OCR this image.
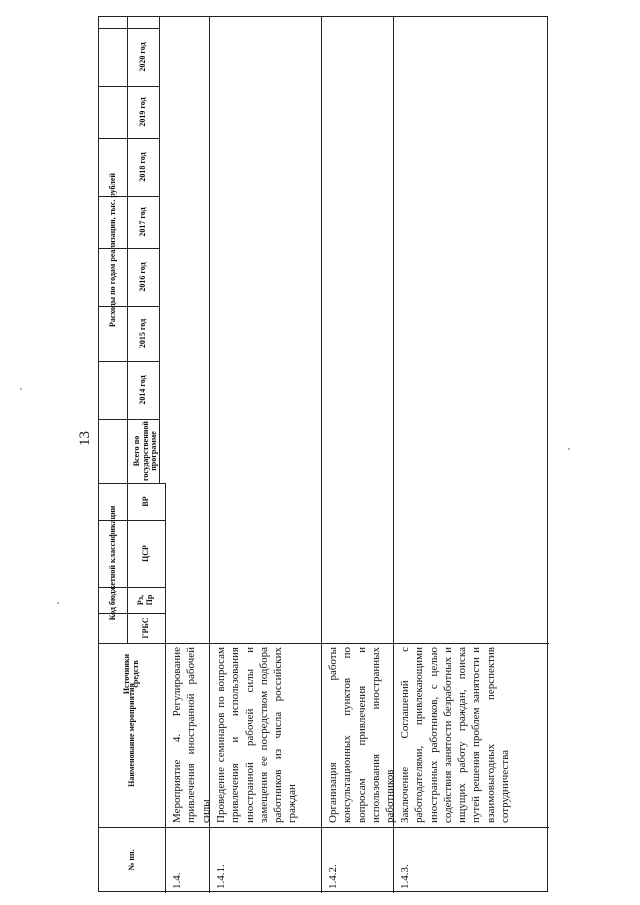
13
Расходы по годам реализации, тыс. рублей
Код бюджетной классификации
Источники средств
Наименование мероприятия
№ пп.
Всего по государственной программе
2014 год
2015 год
2016 год
2017 год
2018 год
2019 год
2020 год
ВР
ЦСР
Рз, Пр
ГРБС
1.4.
Мероприятие 4. Регулирование привлечения иностранной рабочей силы
1.4.1.
Проведение семинаров по вопросам привлечения и использования иностранной рабочей силы и замещения ее посредством подбора работников из числа российских граждан
1.4.2.
Организация работы консультационных пунктов по вопросам привлечения и использования иностранных работников
1.4.3.
Заключение Соглашений с работодателями, привлекающими иностранных работников, с целью содействия занятости безработных и ищущих работу граждан, поиска путей решения проблем занятости и взаимовыгодных перспектив сотрудничества
